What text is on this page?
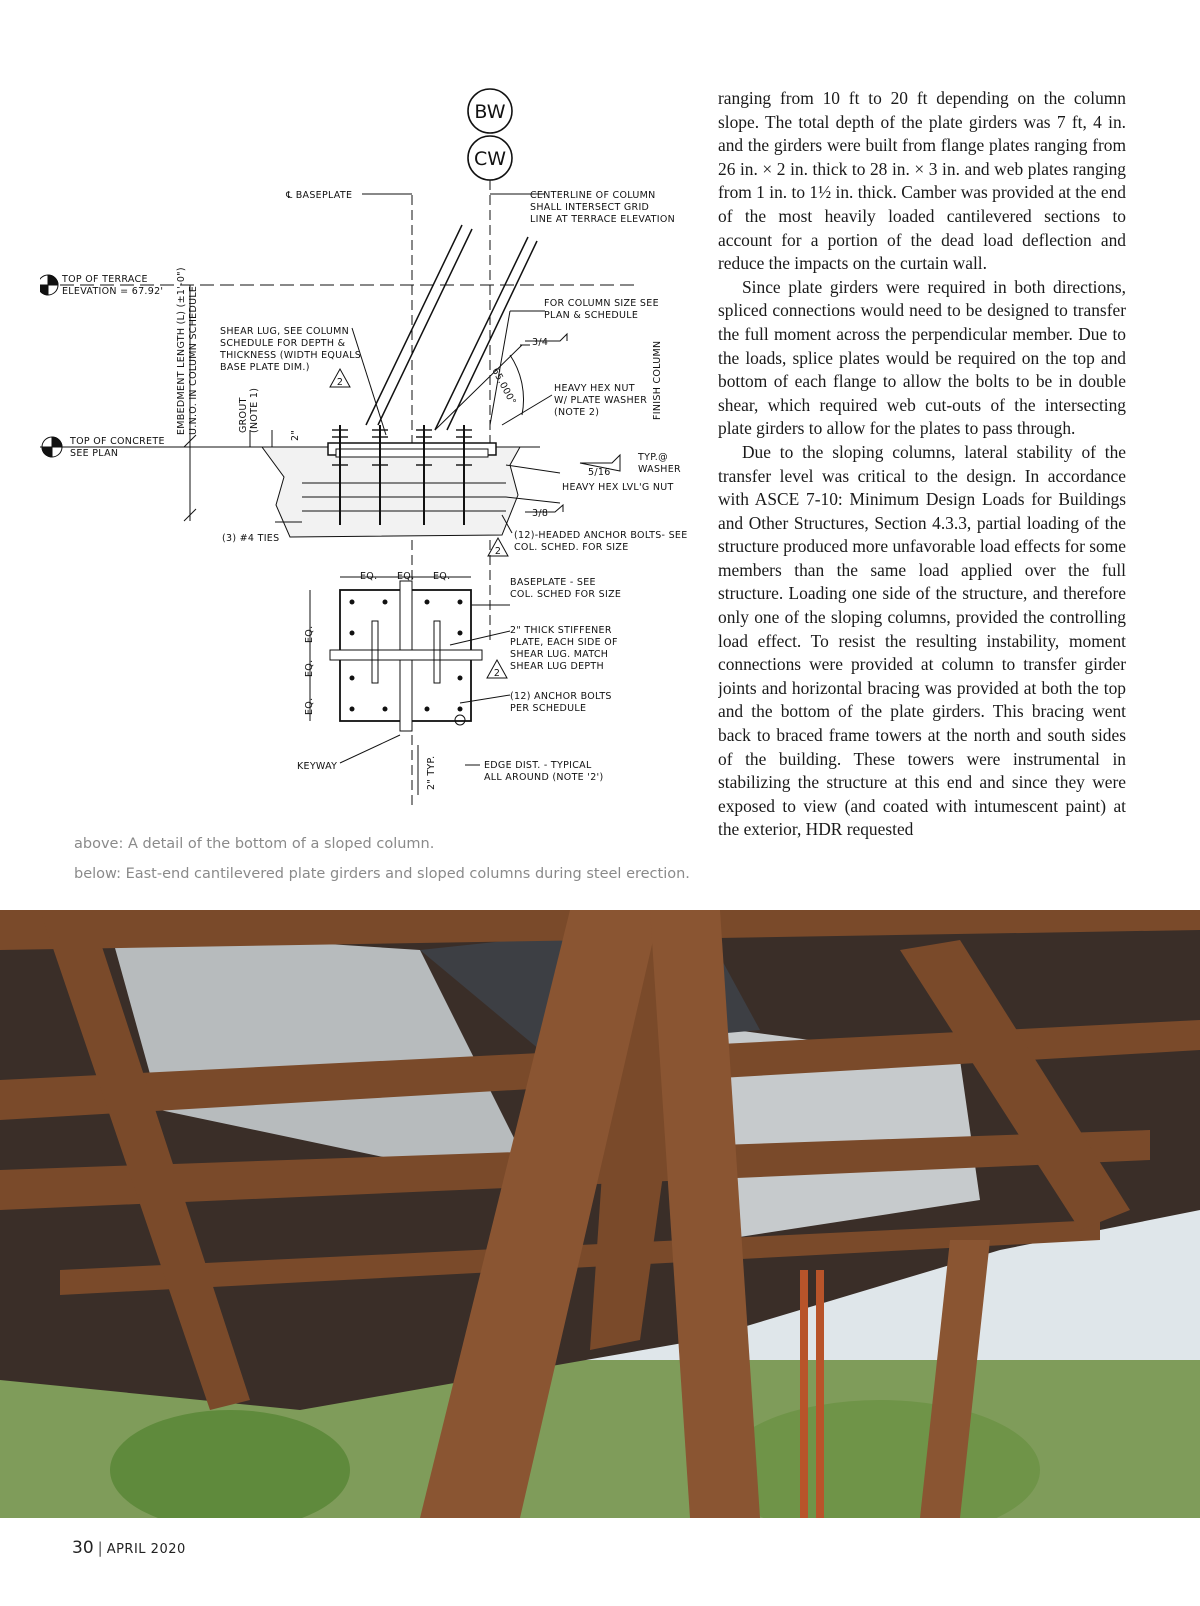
BW
CW
℄ BASEPLATE	CENTERLINE OF COLUMN
SHALL INTERSECT GRID
LINE AT TERRACE ELEVATION
TOP OF TERRACE
ELEVATION = 67.92'
FOR COLUMN SIZE SEE
PLAN & SCHEDULE
EMBEDMENT LENGTH (L) (±1'-0") U.N.O. IN COLUMN SCHEDULE SHEAR LUG, SEE COLUMN
SCHEDULE FOR DEPTH &
THICKNESS (WIDTH EQUALS
BASE PLATE DIM.)
3/4
65.000°	HEAVY HEX NUT
W/ PLATE WASHER
(NOTE 2)	FINISH COLUMN
GROUT (NOTE 1)
2"
TOP OF CONCRETE
SEE PLAN	TYP.@
WASHER
5/16
HEAVY HEX LVL'G NUT
3/8
(3) #4 TIES	(12)-HEADED ANCHOR BOLTS- SEE
COL. SCHED. FOR SIZE
EQ. EQ. EQ.
EQ.
EQ.
EQ.
BASEPLATE - SEE
COL. SCHED FOR SIZE
2" THICK STIFFENER
PLATE, EACH SIDE OF
SHEAR LUG. MATCH
SHEAR LUG DEPTH
(12) ANCHOR BOLTS
PER SCHEDULE
KEYWAY	2" TYP.	EDGE DIST. - TYPICAL
ALL AROUND (NOTE '2')
2
2
2
above: A detail of the bottom of a sloped column.
below: East-end cantilevered plate girders and sloped columns during steel erection.

ranging from 10 ft to 20 ft depending on the column slope. The total depth of the plate girders was 7 ft, 4 in. and the girders were built from flange plates ranging from 26 in. × 2 in. thick to 28 in. × 3 in. and web plates ranging from 1 in. to 1½ in. thick. Camber was provided at the end of the most heavily loaded cantilevered sections to account for a portion of the dead load deflection and reduce the impacts on the curtain wall.

Since plate girders were required in both directions, spliced connections would need to be designed to transfer the full moment across the perpendicular member. Due to the loads, splice plates would be required on the top and bottom of each flange to allow the bolts to be in double shear, which required web cut-outs of the intersecting plate girders to allow for the plates to pass through.

Due to the sloping columns, lateral stability of the transfer level was critical to the design. In accordance with ASCE 7-10: Minimum Design Loads for Buildings and Other Structures, Section 4.3.3, partial loading of the structure produced more unfavorable load effects for some members than the same load applied over the full structure. Loading one side of the structure, and therefore only one of the sloping columns, provided the controlling load effect. To resist the resulting instability, moment connections were provided at column to transfer girder joints and horizontal bracing was provided at both the top and the bottom of the plate girders. This bracing went back to braced frame towers at the north and south sides of the building. These towers were instrumental in stabilizing the structure at this end and since they were exposed to view (and coated with intumescent paint) at the exterior, HDR requested

30 | APRIL 2020
